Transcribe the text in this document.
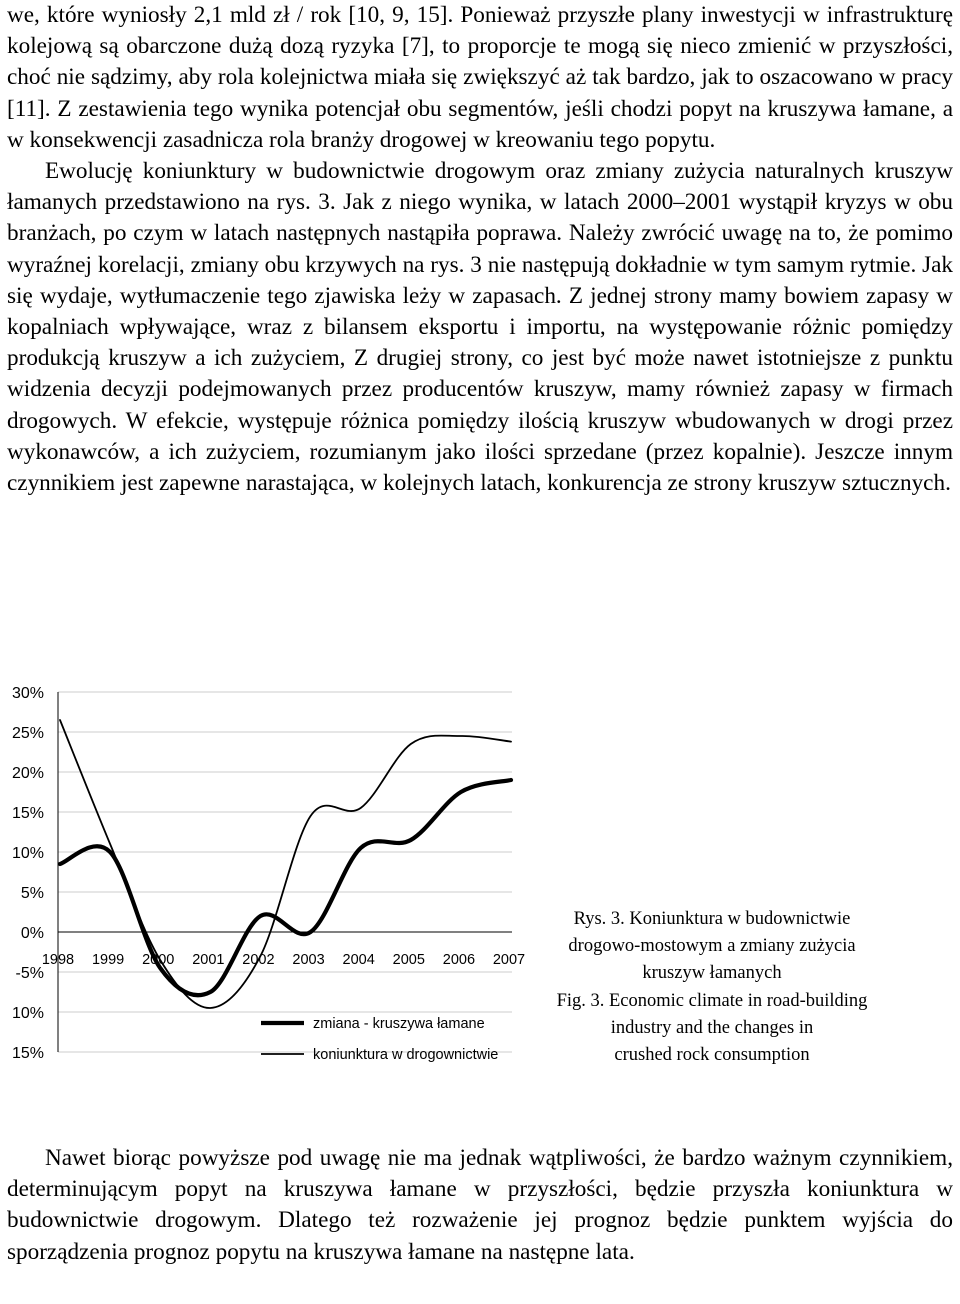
we, które wyniosły 2,1 mld zł / rok [10, 9, 15]. Ponieważ przyszłe plany inwestycji w infrastrukturę kolejową są obarczone dużą dozą ryzyka [7], to proporcje te mogą się nieco zmienić w przyszłości, choć nie sądzimy, aby rola kolejnictwa miała się zwiększyć aż tak bardzo, jak to oszacowano w pracy [11]. Z zestawienia tego wynika potencjał obu segmentów, jeśli chodzi popyt na kruszywa łamane, a w konsekwencji zasadnicza rola branży drogowej w kreowaniu tego popytu.

Ewolucję koniunktury w budownictwie drogowym oraz zmiany zużycia naturalnych kruszyw łamanych przedstawiono na rys. 3. Jak z niego wynika, w latach 2000–2001 wystąpił kryzys w obu branżach, po czym w latach następnych nastąpiła poprawa. Należy zwrócić uwagę na to, że pomimo wyraźnej korelacji, zmiany obu krzywych na rys. 3 nie następują dokładnie w tym samym rytmie. Jak się wydaje, wytłumaczenie tego zjawiska leży w zapasach. Z jednej strony mamy bowiem zapasy w kopalniach wpływające, wraz z bilansem eksportu i importu, na występowanie różnic pomiędzy produkcją kruszyw a ich zużyciem, Z drugiej strony, co jest być może nawet istotniejsze z punktu widzenia decyzji podejmowanych przez producentów kruszyw, mamy również zapasy w firmach drogowych. W efekcie, występuje różnica pomiędzy ilością kruszyw wbudowanych w drogi przez wykonawców, a ich zużyciem, rozumianym jako ilości sprzedane (przez kopalnie). Jeszcze innym czynnikiem jest zapewne narastająca, w kolejnych latach, konkurencja ze strony kruszyw sztucznych.

30%
25%
20%
15%
10%
5%
0%
-5%
10%
15%
1998 1999 2000 2001 2002 2003 2004 2005 2006 2007
zmiana - kruszywa łamane
koniunktura w drogownictwie
Rys. 3. Koniunktura w budownictwie
drogowo-mostowym a zmiany zużycia
kruszyw łamanych
Fig. 3. Economic climate in road-building
industry and the changes in
crushed rock consumption

Nawet biorąc powyższe pod uwagę nie ma jednak wątpliwości, że bardzo ważnym czynnikiem, determinującym popyt na kruszywa łamane w przyszłości, będzie przyszła koniunktura w budownictwie drogowym. Dlatego też rozważenie jej prognoz będzie punktem wyjścia do sporządzenia prognoz popytu na kruszywa łamane na następne lata.
